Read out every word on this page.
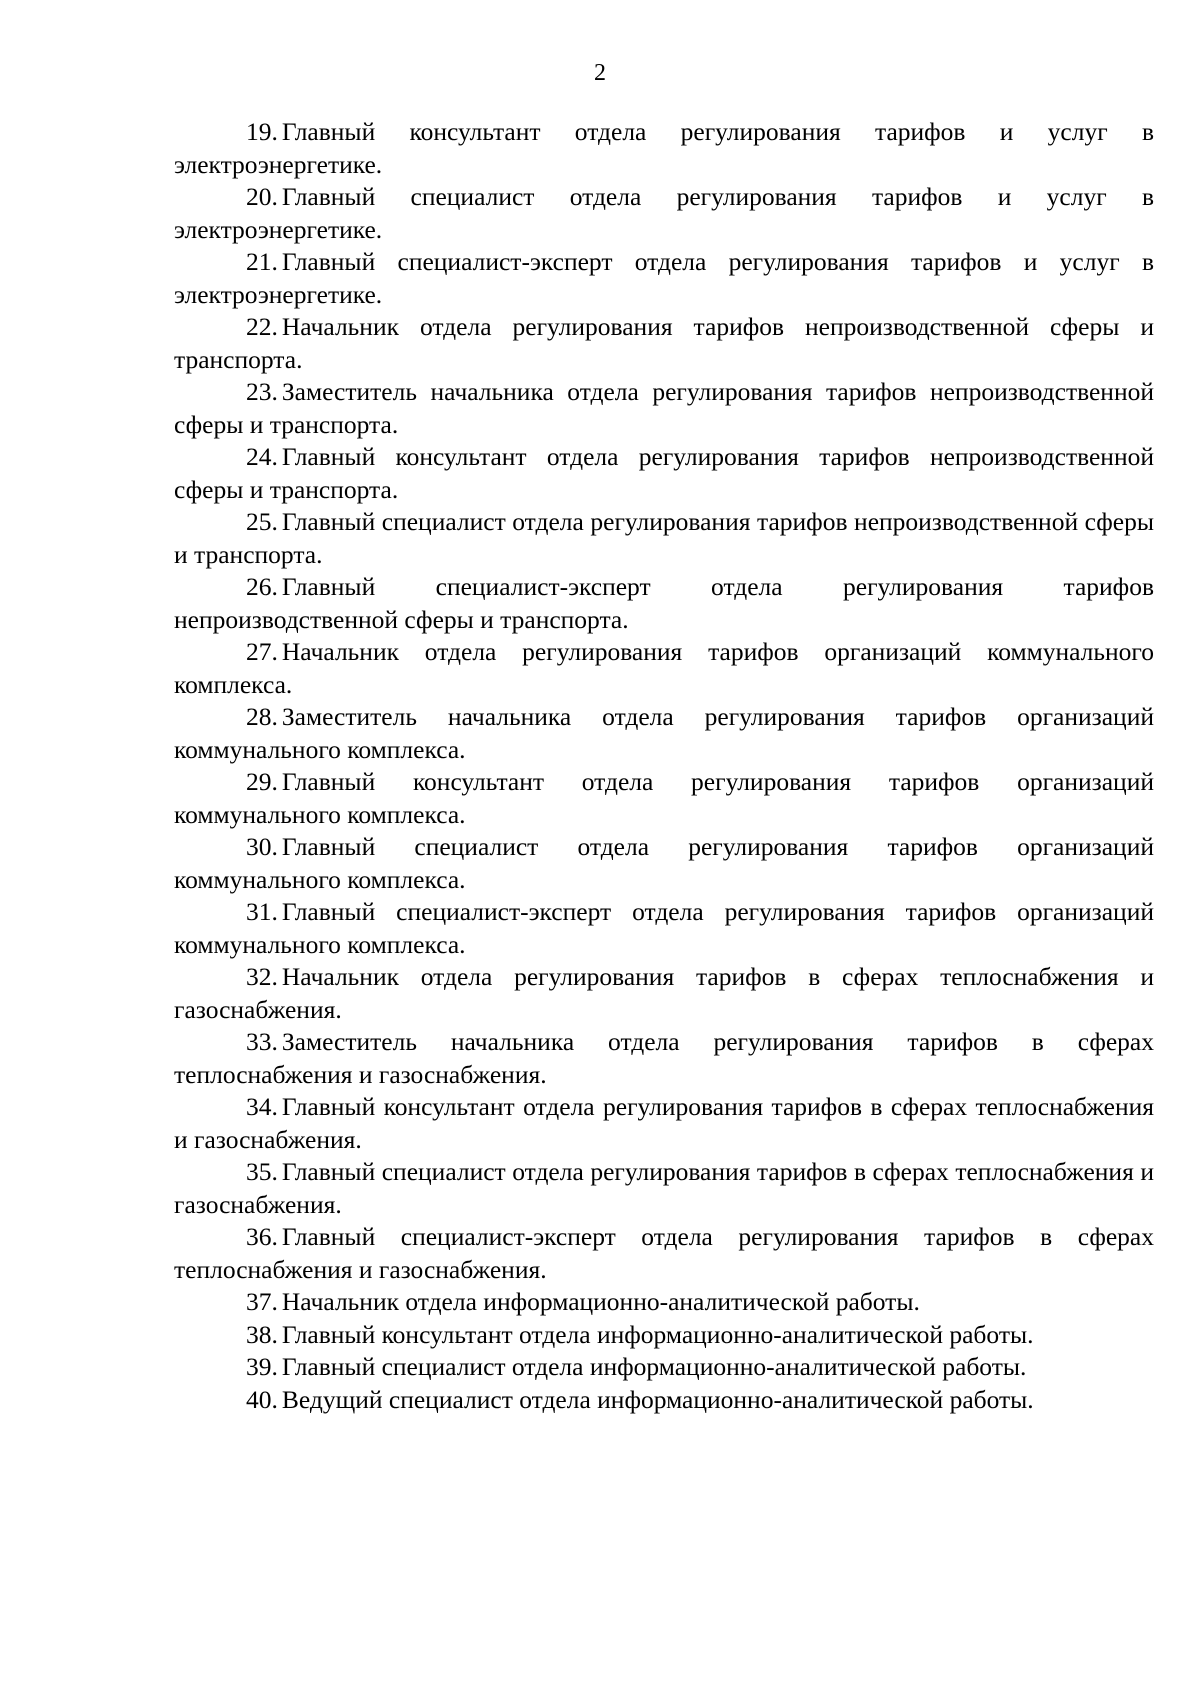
2

19. Главный консультант отдела регулирования тарифов и услуг в электроэнергетике.

20. Главный специалист отдела регулирования тарифов и услуг в электроэнергетике.

21. Главный специалист-эксперт отдела регулирования тарифов и услуг в электроэнергетике.

22. Начальник отдела регулирования тарифов непроизводственной сферы и транспорта.

23. Заместитель начальника отдела регулирования тарифов непроизводственной сферы и транспорта.

24. Главный консультант отдела регулирования тарифов непроизводственной сферы и транспорта.

25. Главный специалист отдела регулирования тарифов непроизводственной сферы и транспорта.

26. Главный специалист-эксперт отдела регулирования тарифов непроизводственной сферы и транспорта.

27. Начальник отдела регулирования тарифов организаций коммунального комплекса.

28. Заместитель начальника отдела регулирования тарифов организаций коммунального комплекса.

29. Главный консультант отдела регулирования тарифов организаций коммунального комплекса.

30. Главный специалист отдела регулирования тарифов организаций коммунального комплекса.

31. Главный специалист-эксперт отдела регулирования тарифов организаций коммунального комплекса.

32. Начальник отдела регулирования тарифов в сферах теплоснабжения и газоснабжения.

33. Заместитель начальника отдела регулирования тарифов в сферах теплоснабжения и газоснабжения.

34. Главный консультант отдела регулирования тарифов в сферах теплоснабжения и газоснабжения.

35. Главный специалист отдела регулирования тарифов в сферах теплоснабжения и газоснабжения.

36. Главный специалист-эксперт отдела регулирования тарифов в сферах теплоснабжения и газоснабжения.

37. Начальник отдела информационно-аналитической работы.

38. Главный консультант отдела информационно-аналитической работы.

39. Главный специалист отдела информационно-аналитической работы.

40. Ведущий специалист отдела информационно-аналитической работы.
